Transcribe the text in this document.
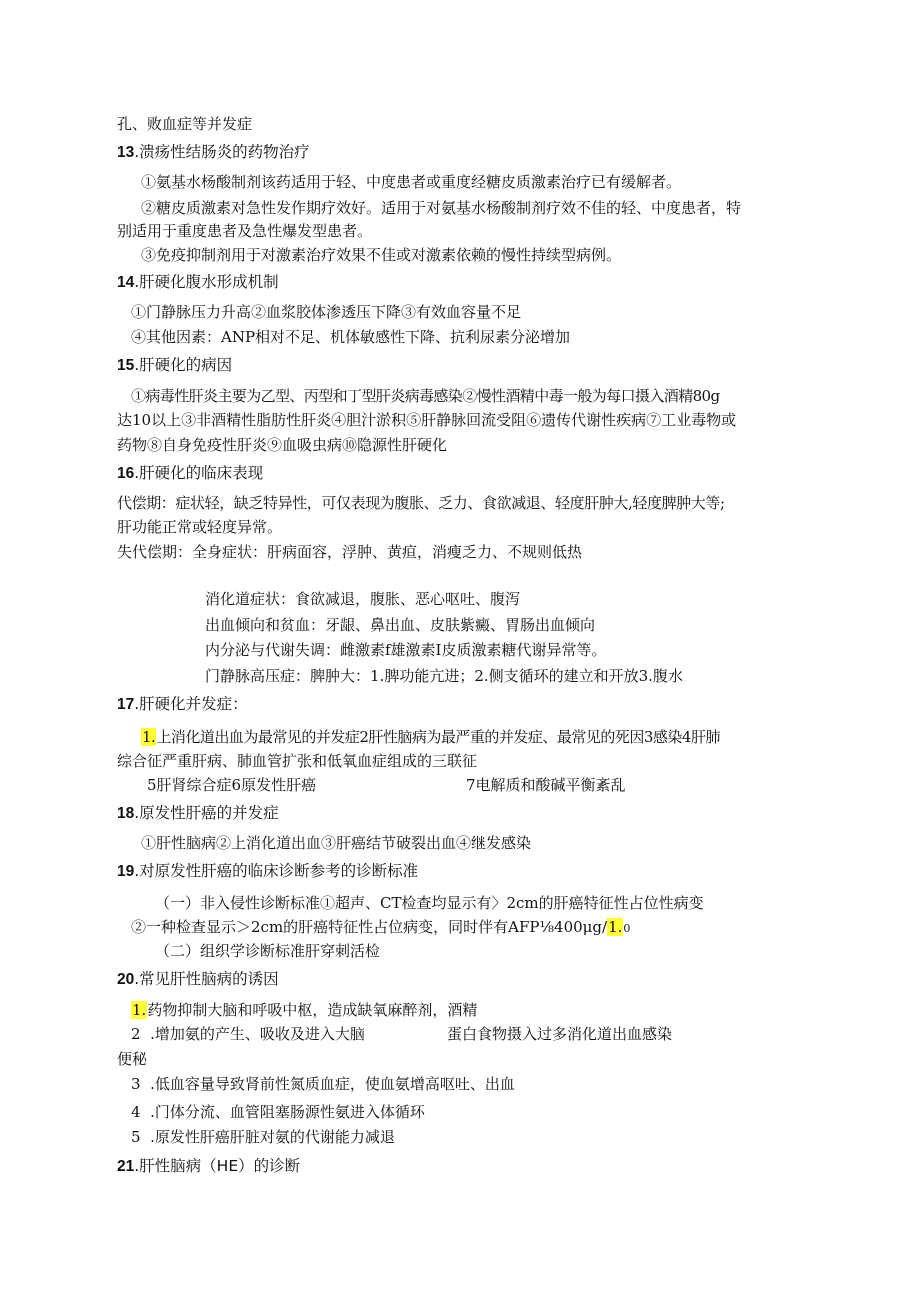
孔、败血症等并发症
13.溃疡性结肠炎的药物治疗
①氨基水杨酸制剂该药适用于轻、中度患者或重度经糖皮质激素治疗已有缓解者。
②糖皮质激素对急性发作期疗效好。适用于对氨基水杨酸制剂疗效不佳的轻、中度患者，特
别适用于重度患者及急性爆发型患者。
③免疫抑制剂用于对激素治疗效果不佳或对激素依赖的慢性持续型病例。
14.肝硬化腹水形成机制
①门静脉压力升高②血浆胶体渗透压下降③有效血容量不足
④其他因素：ANP相对不足、机体敏感性下降、抗利尿素分泌增加
15.肝硬化的病因
①病毒性肝炎主要为乙型、丙型和丁型肝炎病毒感染②慢性酒精中毒一般为每口摄入酒精80g
达10以上③非酒精性脂肪性肝炎④胆汁淤积⑤肝静脉回流受阻⑥遗传代谢性疾病⑦工业毒物或
药物⑧自身免疫性肝炎⑨血吸虫病⑩隐源性肝硬化
16.肝硬化的临床表现
代偿期：症状轻，缺乏特异性，可仅表现为腹胀、乏力、食欲减退、轻度肝肿大,轻度脾肿大等;
肝功能正常或轻度异常。
失代偿期：全身症状：肝病面容，浮肿、黄疸，消瘦乏力、不规则低热
消化道症状：食欲减退，腹胀、恶心呕吐、腹泻
出血倾向和贫血：牙龈、鼻出血、皮肤紫癜、胃肠出血倾向
内分泌与代谢失调：雌激素f雄激素I皮质激素糖代谢异常等。
门静脉高压症：脾肿大：1.脾功能亢进；2.侧支循环的建立和开放3.腹水
17.肝硬化并发症：
1.上消化道出血为最常见的并发症2肝性脑病为最严重的并发症、最常见的死因3感染4肝肺
综合征严重肝病、肺血管扩张和低氧血症组成的三联征
5肝肾综合症6原发性肝癌	7电解质和酸碱平衡紊乱
18.原发性肝癌的并发症
①肝性脑病②上消化道出血③肝癌结节破裂出血④继发感染
19.对原发性肝癌的临床诊断参考的诊断标准
（一）非入侵性诊断标准①超声、CT检查均显示有〉2cm的肝癌特征性占位性病变
②一种检查显示＞2cm的肝癌特征性占位病变，同时伴有AFP⅛400μg/1.0
（二）组织学诊断标准肝穿刺活检
20.常见肝性脑病的诱因
1.药物抑制大脑和呼吸中枢，造成缺氧麻醉剂，酒精
2  .增加氨的产生、吸收及进入大脑	蛋白食物摄入过多消化道出血感染
便秘
3  .低血容量导致肾前性氮质血症，使血氨增高呕吐、出血
4  .门体分流、血管阻塞肠源性氨进入体循环
5  .原发性肝癌肝脏对氨的代谢能力减退
21.肝性脑病（HE）的诊断
